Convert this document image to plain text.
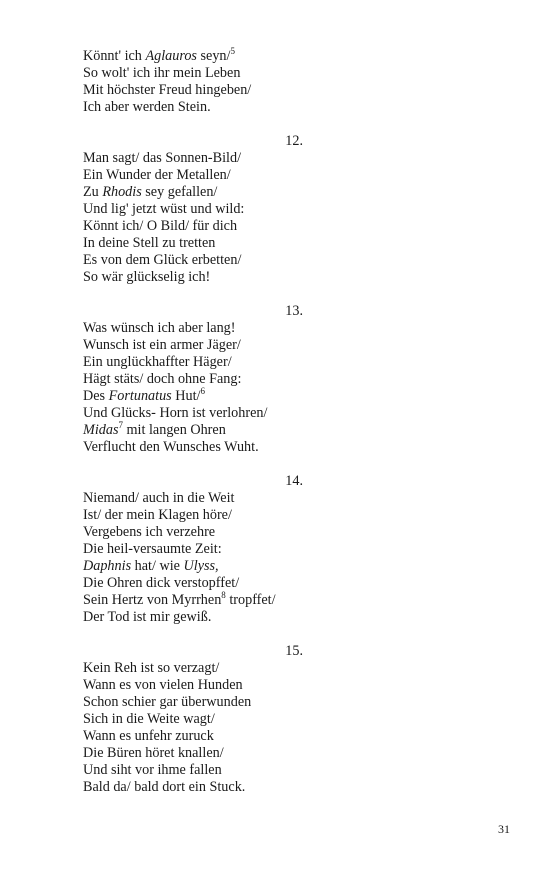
Könnt' ich Aglauros seyn/$^5$
So wolt' ich ihr mein Leben
Mit höchster Freud hingeben/
Ich aber werden Stein.
12.
Man sagt/ das Sonnen-Bild/
Ein Wunder der Metallen/
Zu Rhodis sey gefallen/
Und lig' jetzt wüst und wild:
Könnt ich/ O Bild/ für dich
In deine Stell zu tretten
Es von dem Glück erbetten/
So wär glückselig ich!
13.
Was wünsch ich aber lang!
Wunsch ist ein armer Jäger/
Ein unglückhaffter Häger/
Hägt stäts/ doch ohne Fang:
Des Fortunatus Hut/$^6$
Und Glücks- Horn ist verlohren/
Midas$^7$ mit langen Ohren
Verflucht den Wunsches Wuht.
14.
Niemand/ auch in die Weit
Ist/ der mein Klagen höre/
Vergebens ich verzehre
Die heil-versaumte Zeit:
Daphnis hat/ wie Ulyss,
Die Ohren dick verstopffet/
Sein Hertz von Myrrhen$^8$ tropffet/
Der Tod ist mir gewiß.
15.
Kein Reh ist so verzagt/
Wann es von vielen Hunden
Schon schier gar überwunden
Sich in die Weite wagt/
Wann es unfehr zuruck
Die Büren höret knallen/
Und siht vor ihme fallen
Bald da/ bald dort ein Stuck.
31
